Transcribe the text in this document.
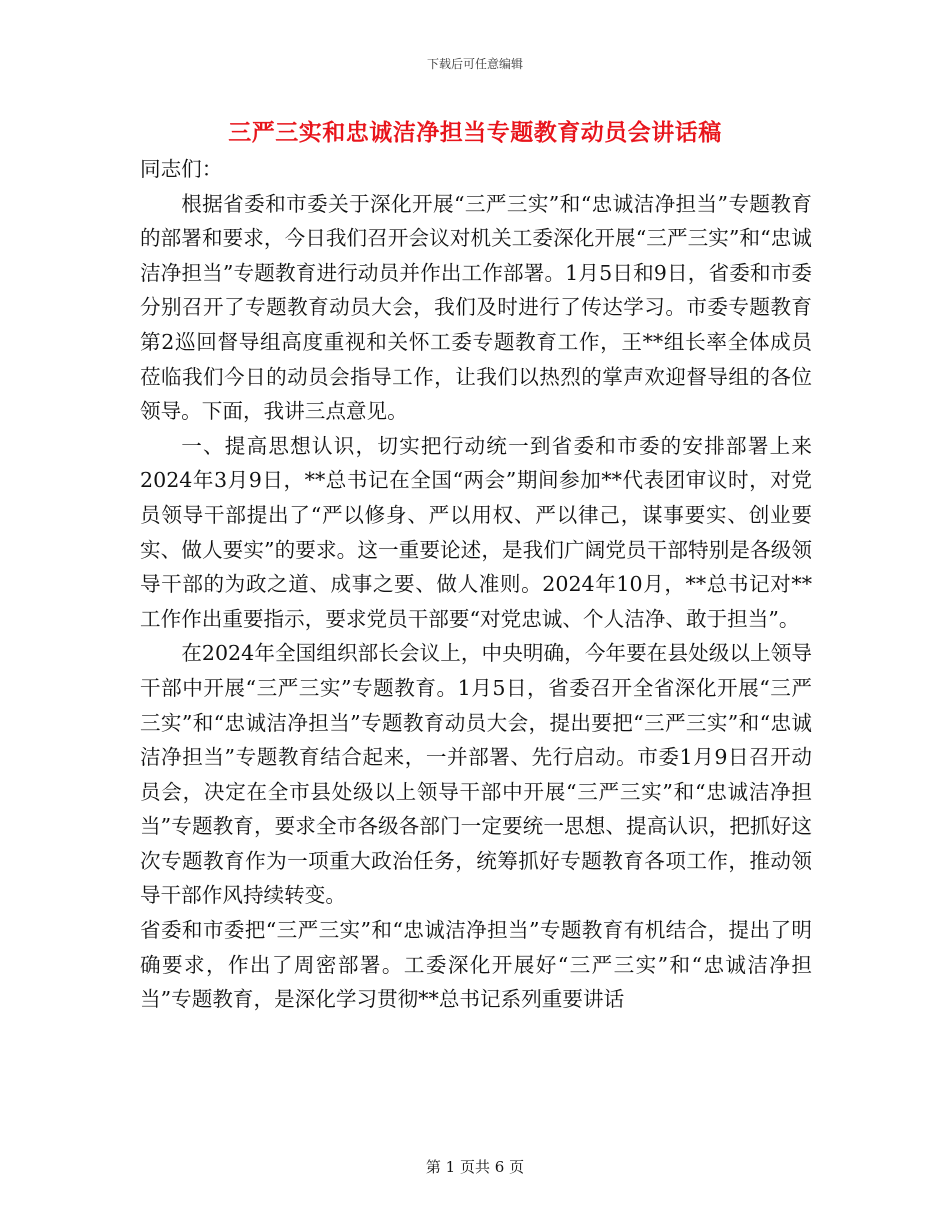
下载后可任意编辑
三严三实和忠诚洁净担当专题教育动员会讲话稿

同志们：

根据省委和市委关于深化开展“三严三实”和“忠诚洁净担当”专题教育的部署和要求，今日我们召开会议对机关工委深化开展“三严三实”和“忠诚洁净担当”专题教育进行动员并作出工作部署。1月5日和9日，省委和市委分别召开了专题教育动员大会，我们及时进行了传达学习。市委专题教育第2巡回督导组高度重视和关怀工委专题教育工作，王**组长率全体成员莅临我们今日的动员会指导工作，让我们以热烈的掌声欢迎督导组的各位领导。下面，我讲三点意见。

一、提高思想认识，切实把行动统一到省委和市委的安排部署上来2024年3月9日，**总书记在全国“两会”期间参加**代表团审议时，对党员领导干部提出了“严以修身、严以用权、严以律己，谋事要实、创业要实、做人要实”的要求。这一重要论述，是我们广阔党员干部特别是各级领导干部的为政之道、成事之要、做人准则。2024年10月，**总书记对**工作作出重要指示，要求党员干部要“对党忠诚、个人洁净、敢于担当”。

在2024年全国组织部长会议上，中央明确，今年要在县处级以上领导干部中开展“三严三实”专题教育。1月5日，省委召开全省深化开展“三严三实”和“忠诚洁净担当”专题教育动员大会，提出要把“三严三实”和“忠诚洁净担当”专题教育结合起来，一并部署、先行启动。市委1月9日召开动员会，决定在全市县处级以上领导干部中开展“三严三实”和“忠诚洁净担当”专题教育，要求全市各级各部门一定要统一思想、提高认识，把抓好这次专题教育作为一项重大政治任务，统筹抓好专题教育各项工作，推动领导干部作风持续转变。

省委和市委把“三严三实”和“忠诚洁净担当”专题教育有机结合，提出了明确要求，作出了周密部署。工委深化开展好“三严三实”和“忠诚洁净担当”专题教育，是深化学习贯彻**总书记系列重要讲话

第 1 页共 6 页
